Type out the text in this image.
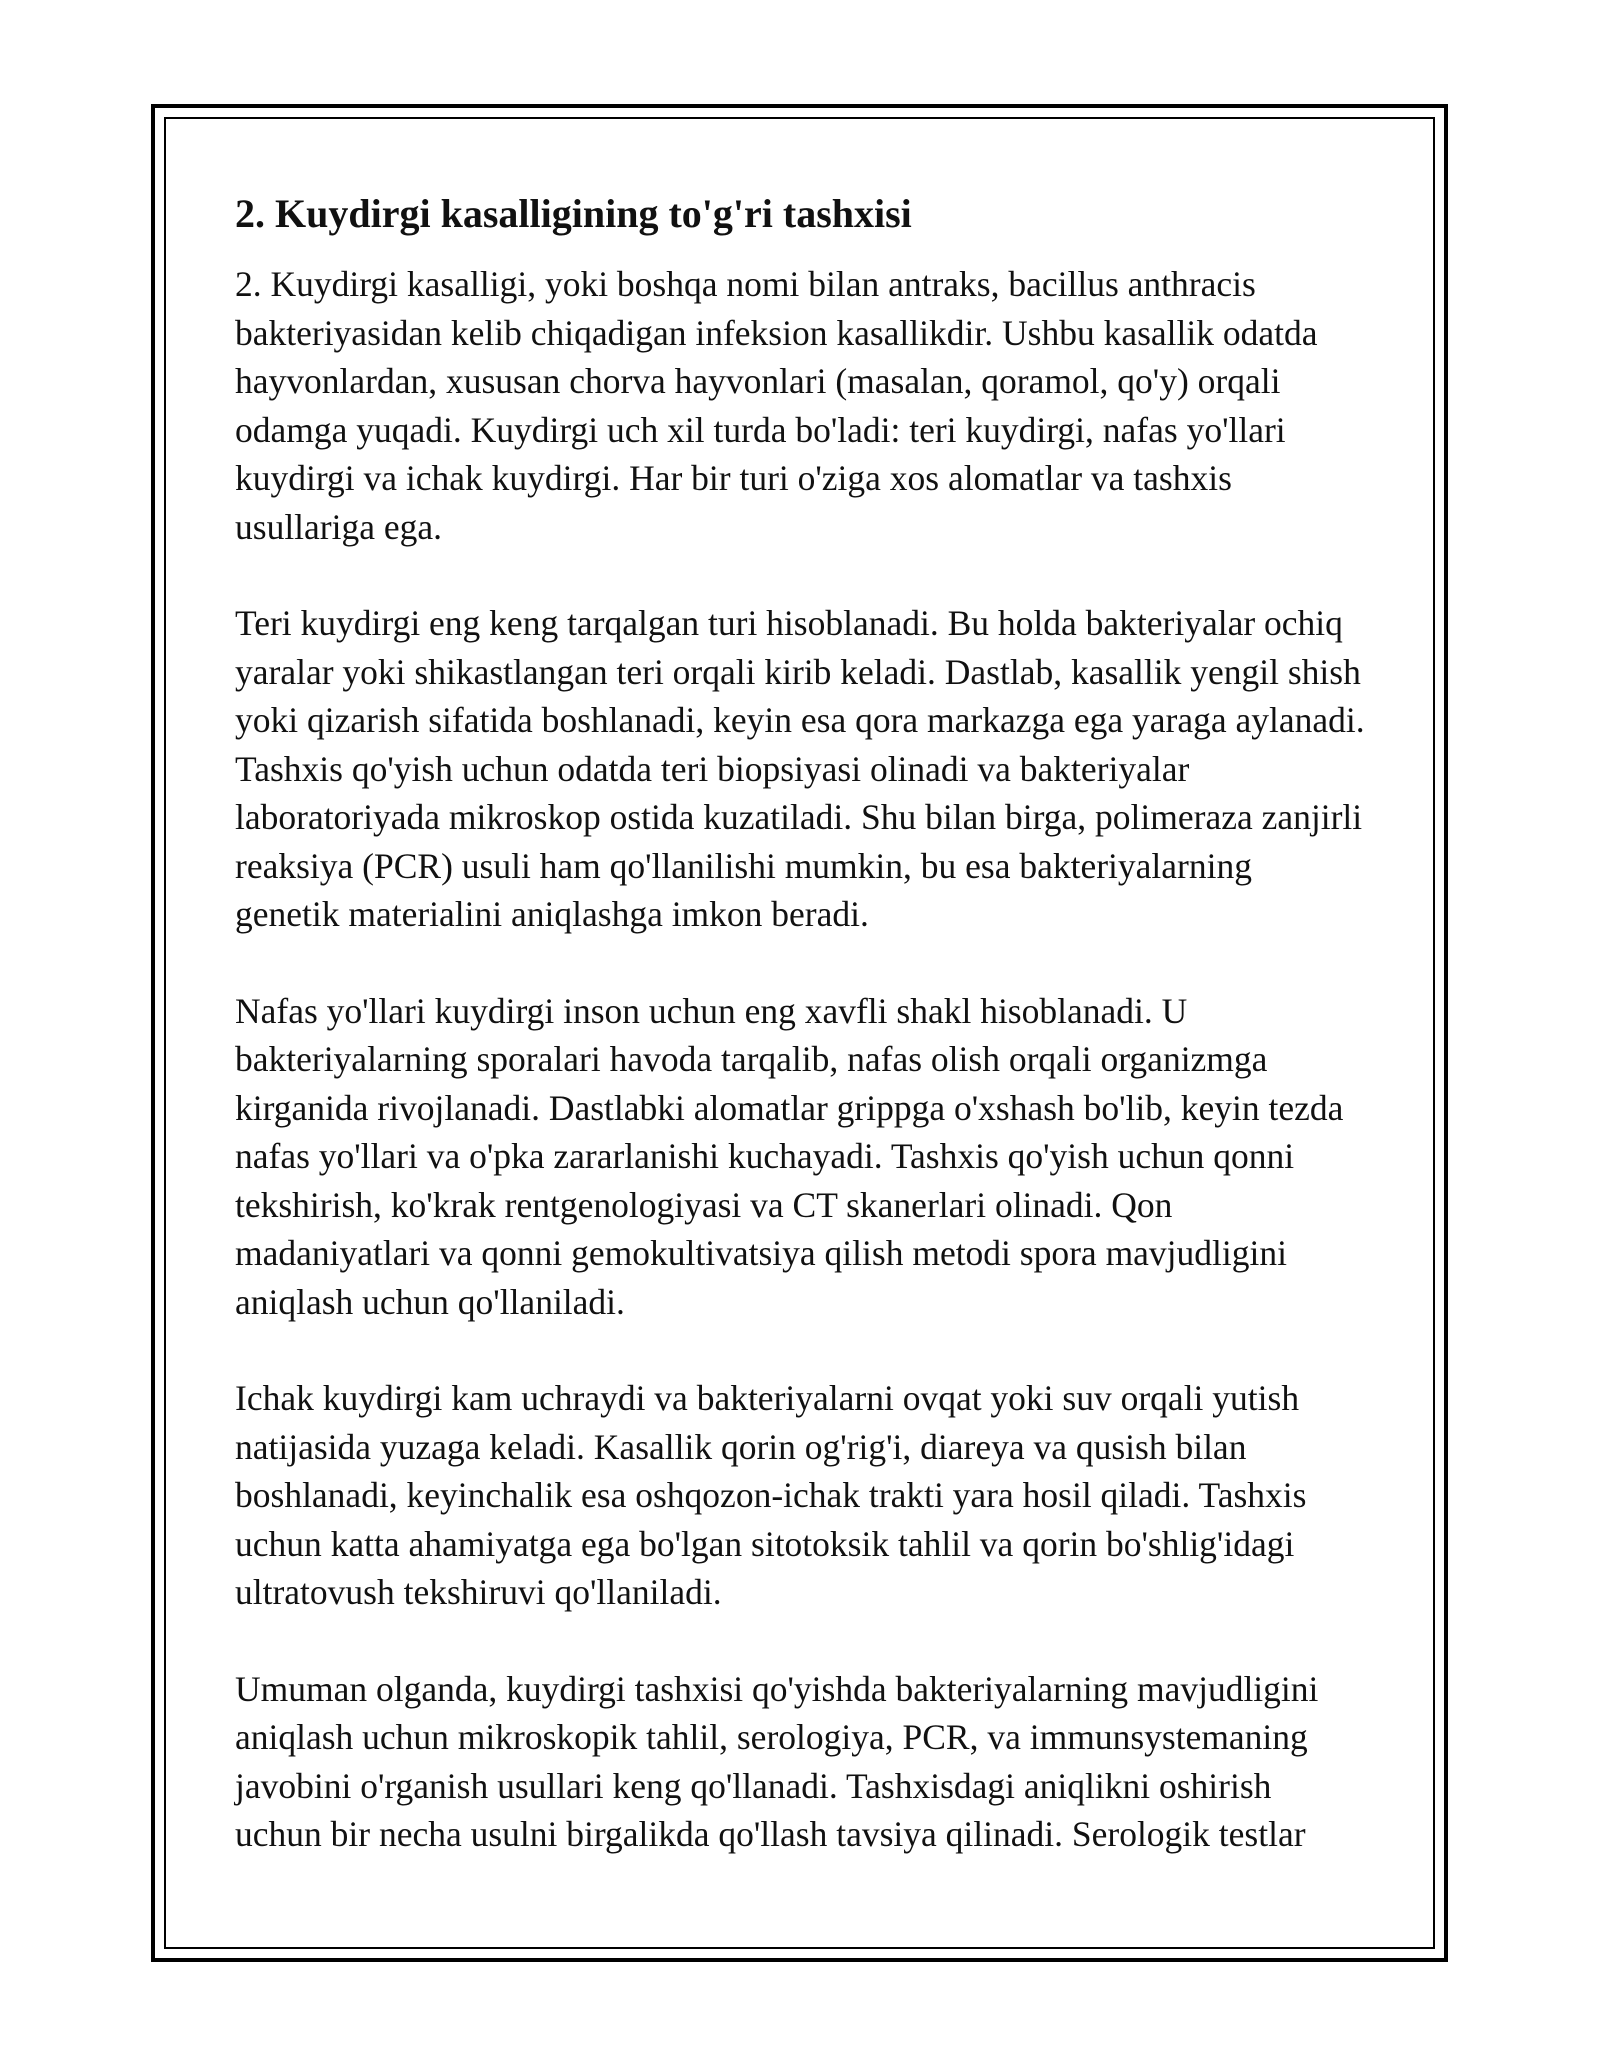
2. Kuydirgi kasalligining to'g'ri tashxisi

2. Kuydirgi kasalligi, yoki boshqa nomi bilan antraks, bacillus anthracis bakteriyasidan kelib chiqadigan infeksion kasallikdir. Ushbu kasallik odatda hayvonlardan, xususan chorva hayvonlari (masalan, qoramol, qo'y) orqali odamga yuqadi. Kuydirgi uch xil turda bo'ladi: teri kuydirgi, nafas yo'llari kuydirgi va ichak kuydirgi. Har bir turi o'ziga xos alomatlar va tashxis usullariga ega.

Teri kuydirgi eng keng tarqalgan turi hisoblanadi. Bu holda bakteriyalar ochiq yaralar yoki shikastlangan teri orqali kirib keladi. Dastlab, kasallik yengil shish yoki qizarish sifatida boshlanadi, keyin esa qora markazga ega yaraga aylanadi. Tashxis qo'yish uchun odatda teri biopsiyasi olinadi va bakteriyalar laboratoriyada mikroskop ostida kuzatiladi. Shu bilan birga, polimeraza zanjirli reaksiya (PCR) usuli ham qo'llanilishi mumkin, bu esa bakteriyalarning genetik materialini aniqlashga imkon beradi.

Nafas yo'llari kuydirgi inson uchun eng xavfli shakl hisoblanadi. U bakteriyalarning sporalari havoda tarqalib, nafas olish orqali organizmga kirganida rivojlanadi. Dastlabki alomatlar grippga o'xshash bo'lib, keyin tezda nafas yo'llari va o'pka zararlanishi kuchayadi. Tashxis qo'yish uchun qonni tekshirish, ko'krak rentgenologiyasi va CT skanerlari olinadi. Qon madaniyatlari va qonni gemokultivatsiya qilish metodi spora mavjudligini aniqlash uchun qo'llaniladi.

Ichak kuydirgi kam uchraydi va bakteriyalarni ovqat yoki suv orqali yutish natijasida yuzaga keladi. Kasallik qorin og'rig'i, diareya va qusish bilan boshlanadi, keyinchalik esa oshqozon-ichak trakti yara hosil qiladi. Tashxis uchun katta ahamiyatga ega bo'lgan sitotoksik tahlil va qorin bo'shlig'idagi ultratovush tekshiruvi qo'llaniladi.

Umuman olganda, kuydirgi tashxisi qo'yishda bakteriyalarning mavjudligini aniqlash uchun mikroskopik tahlil, serologiya, PCR, va immunsystemaning javobini o'rganish usullari keng qo'llanadi. Tashxisdagi aniqlikni oshirish uchun bir necha usulni birgalikda qo'llash tavsiya qilinadi. Serologik testlar
